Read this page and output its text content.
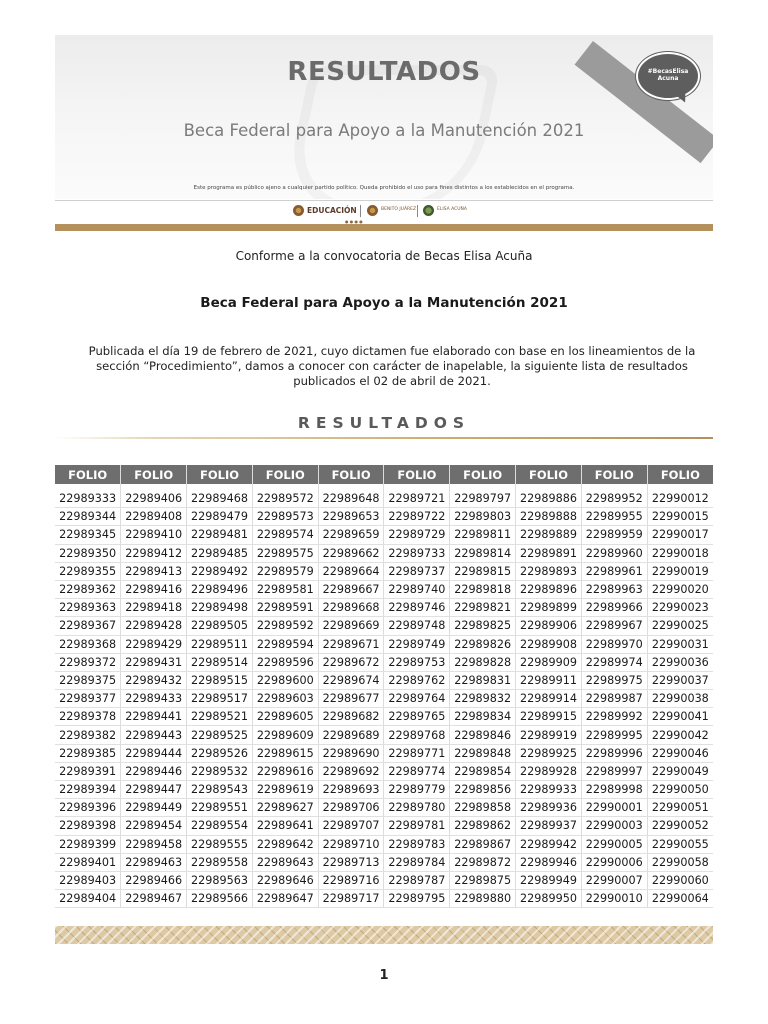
RESULTADOS
Beca Federal para Apoyo a la Manutención 2021
Este programa es público ajeno a cualquier partido político. Queda prohibido el uso para fines distintos a los establecidos en el programa.
#BecasElisa Acuna
EDUCACIÓN	BENITO JUÁREZ	ELISA ACUÑA
● ● ● ●
Conforme a la convocatoria de Becas Elisa Acuña
Beca Federal para Apoyo a la Manutención 2021
Publicada el día 19 de febrero de 2021, cuyo dictamen fue elaborado con base en los lineamientos de la sección “Procedimiento”, damos a conocer con carácter de inapelable, la siguiente lista de resultados publicados el 02 de abril de 2021.
RESULTADOS
FOLIO	FOLIO	FOLIO	FOLIO	FOLIO	FOLIO	FOLIO	FOLIO	FOLIO	FOLIO

22989333	22989406	22989468	22989572	22989648	22989721	22989797	22989886	22989952	22990012
22989344	22989408	22989479	22989573	22989653	22989722	22989803	22989888	22989955	22990015
22989345	22989410	22989481	22989574	22989659	22989729	22989811	22989889	22989959	22990017
22989350	22989412	22989485	22989575	22989662	22989733	22989814	22989891	22989960	22990018
22989355	22989413	22989492	22989579	22989664	22989737	22989815	22989893	22989961	22990019
22989362	22989416	22989496	22989581	22989667	22989740	22989818	22989896	22989963	22990020
22989363	22989418	22989498	22989591	22989668	22989746	22989821	22989899	22989966	22990023
22989367	22989428	22989505	22989592	22989669	22989748	22989825	22989906	22989967	22990025
22989368	22989429	22989511	22989594	22989671	22989749	22989826	22989908	22989970	22990031
22989372	22989431	22989514	22989596	22989672	22989753	22989828	22989909	22989974	22990036
22989375	22989432	22989515	22989600	22989674	22989762	22989831	22989911	22989975	22990037
22989377	22989433	22989517	22989603	22989677	22989764	22989832	22989914	22989987	22990038
22989378	22989441	22989521	22989605	22989682	22989765	22989834	22989915	22989992	22990041
22989382	22989443	22989525	22989609	22989689	22989768	22989846	22989919	22989995	22990042
22989385	22989444	22989526	22989615	22989690	22989771	22989848	22989925	22989996	22990046
22989391	22989446	22989532	22989616	22989692	22989774	22989854	22989928	22989997	22990049
22989394	22989447	22989543	22989619	22989693	22989779	22989856	22989933	22989998	22990050
22989396	22989449	22989551	22989627	22989706	22989780	22989858	22989936	22990001	22990051
22989398	22989454	22989554	22989641	22989707	22989781	22989862	22989937	22990003	22990052
22989399	22989458	22989555	22989642	22989710	22989783	22989867	22989942	22990005	22990055
22989401	22989463	22989558	22989643	22989713	22989784	22989872	22989946	22990006	22990058
22989403	22989466	22989563	22989646	22989716	22989787	22989875	22989949	22990007	22990060
22989404	22989467	22989566	22989647	22989717	22989795	22989880	22989950	22990010	22990064
1
